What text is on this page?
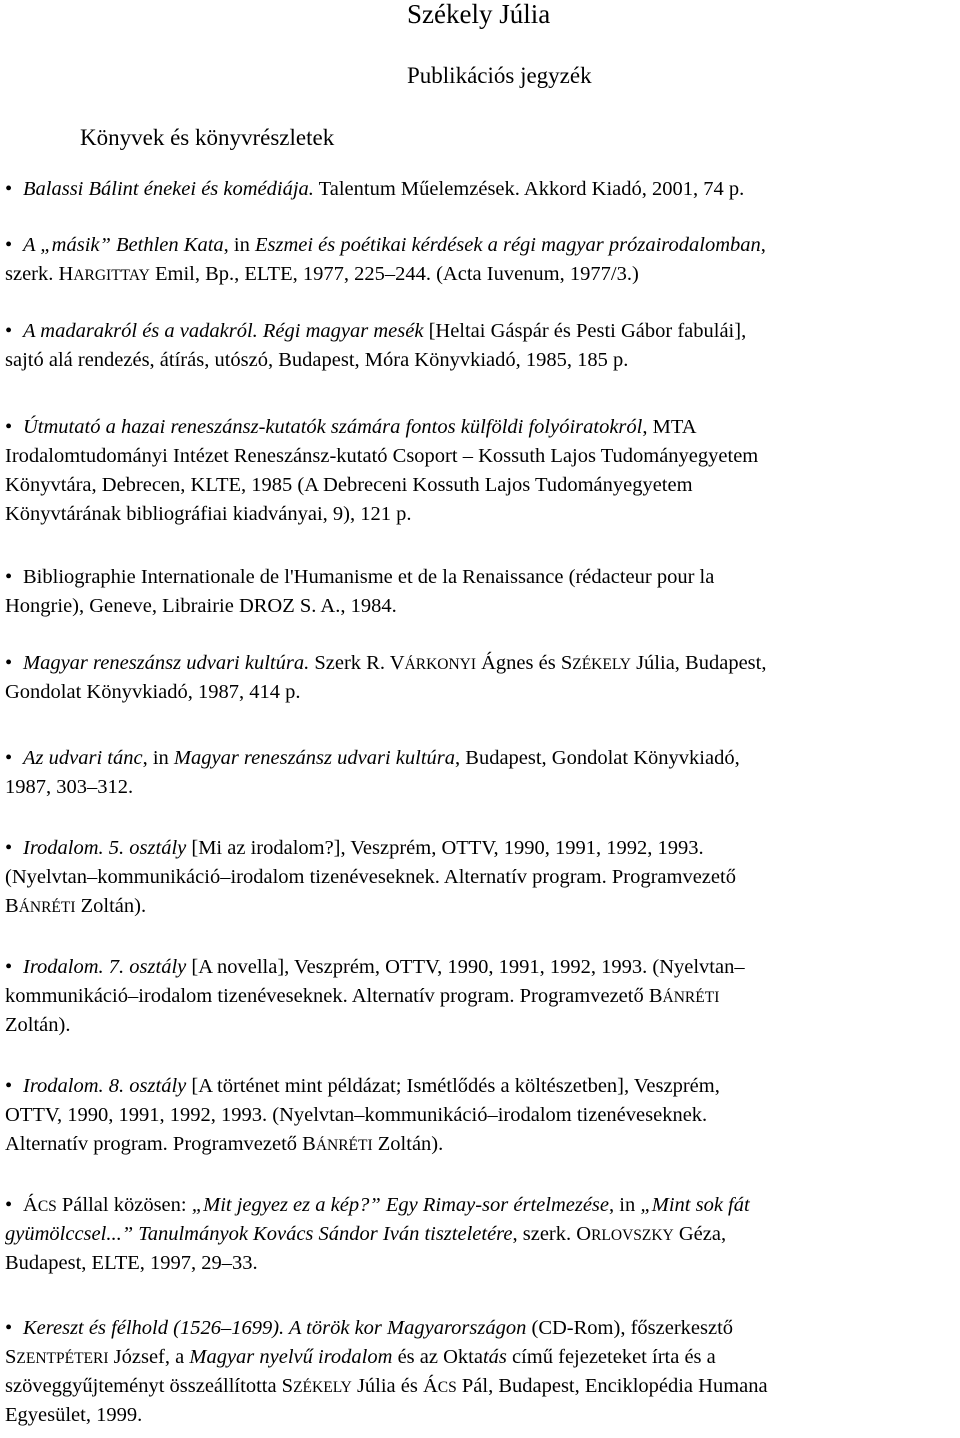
Székely Júlia
Publikációs jegyzék
Könyvek és könyvrészletek
• Balassi Bálint énekei és komédiája. Talentum Műelemzések. Akkord Kiadó, 2001, 74 p.
• A „másik” Bethlen Kata, in Eszmei és poétikai kérdések a régi magyar prózairodalomban,
szerk. HARGITTAY Emil, Bp., ELTE, 1977, 225–244. (Acta Iuvenum, 1977/3.)
• A madarakról és a vadakról. Régi magyar mesék [Heltai Gáspár és Pesti Gábor fabulái],
sajtó alá rendezés, átírás, utószó, Budapest, Móra Könyvkiadó, 1985, 185 p.
• Útmutató a hazai reneszánsz-kutatók számára fontos külföldi folyóiratokról, MTA
Irodalomtudományi Intézet Reneszánsz-kutató Csoport – Kossuth Lajos Tudományegyetem
Könyvtára, Debrecen, KLTE, 1985 (A Debreceni Kossuth Lajos Tudományegyetem
Könyvtárának bibliográfiai kiadványai, 9), 121 p.
• Bibliographie Internationale de l'Humanisme et de la Renaissance (rédacteur pour la
Hongrie), Geneve, Librairie DROZ S. A., 1984.
• Magyar reneszánsz udvari kultúra. Szerk R. VÁRKONYI Ágnes és SZÉKELY Júlia, Budapest,
Gondolat Könyvkiadó, 1987, 414 p.
• Az udvari tánc, in Magyar reneszánsz udvari kultúra, Budapest, Gondolat Könyvkiadó,
1987, 303–312.
• Irodalom. 5. osztály [Mi az irodalom?], Veszprém, OTTV, 1990, 1991, 1992, 1993.
(Nyelvtan–kommunikáció–irodalom tizenéveseknek. Alternatív program. Programvezető
BÁNRÉTI Zoltán).
• Irodalom. 7. osztály [A novella], Veszprém, OTTV, 1990, 1991, 1992, 1993. (Nyelvtan–
kommunikáció–irodalom tizenéveseknek. Alternatív program. Programvezető BÁNRÉTI
Zoltán).
• Irodalom. 8. osztály [A történet mint példázat; Ismétlődés a költészetben], Veszprém,
OTTV, 1990, 1991, 1992, 1993. (Nyelvtan–kommunikáció–irodalom tizenéveseknek.
Alternatív program. Programvezető BÁNRÉTI Zoltán).
• ÁCS Pállal közösen: „Mit jegyez ez a kép?” Egy Rimay-sor értelmezése, in „Mint sok fát
gyümölccsel...” Tanulmányok Kovács Sándor Iván tiszteletére, szerk. ORLOVSZKY Géza,
Budapest, ELTE, 1997, 29–33.
• Kereszt és félhold (1526–1699). A török kor Magyarországon (CD-Rom), főszerkesztő
SZENTPÉTERI József, a Magyar nyelvű irodalom és az Oktatás című fejezeteket írta és a
szöveggyűjteményt összeállította SZÉKELY Júlia és ÁCS Pál, Budapest, Enciklopédia Humana
Egyesület, 1999.
